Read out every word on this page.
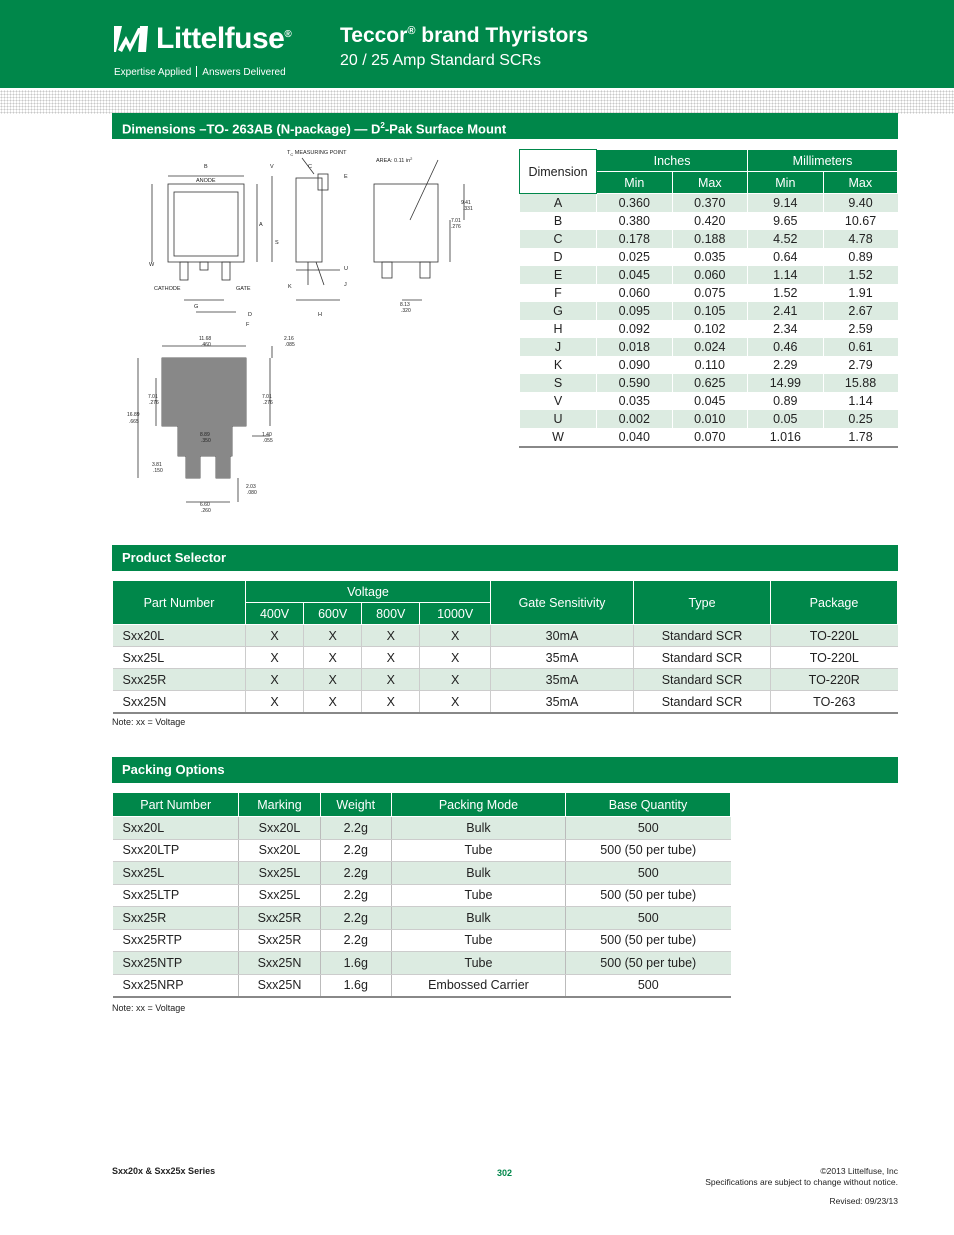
Littelfuse®
Expertise Applied Answers Delivered
Teccor® brand Thyristors
20 / 25 Amp Standard SCRs
Dimensions –TO- 263AB (N-package) — $D^2$-Pak Surface Mount
$T_C$ MEASURING POINT
AREA: 0.11 $in^2$
ANODE
CATHODE	GATE
B	V
A
S
W
G
D
F
C
E
U
K	J
H
9.41
.331
7.01
.276
8.13
.320
11.68
.460
2.16
.085
7.01
.276
7.01
.276
16.89
.665
8.89
.350
1.40
.055
3.81
.150
2.03
.080
6.60
.260
Dimension	Inches		Millimeters	
	Min	Max	Min	Max
A	0.360	0.370	9.14	9.40
B	0.380	0.420	9.65	10.67
C	0.178	0.188	4.52	4.78
D	0.025	0.035	0.64	0.89
E	0.045	0.060	1.14	1.52
F	0.060	0.075	1.52	1.91
G	0.095	0.105	2.41	2.67
H	0.092	0.102	2.34	2.59
J	0.018	0.024	0.46	0.61
K	0.090	0.110	2.29	2.79
S	0.590	0.625	14.99	15.88
V	0.035	0.045	0.89	1.14
U	0.002	0.010	0.05	0.25
W	0.040	0.070	1.016	1.78
Product Selector
Part Number	Voltage				Gate Sensitivity	Type	Package
	400V	600V	800V	1000V			
Sxx20L	X	X	X	X	30mA	Standard SCR	TO-220L
Sxx25L	X	X	X	X	35mA	Standard SCR	TO-220L
Sxx25R	X	X	X	X	35mA	Standard SCR	TO-220R
Sxx25N	X	X	X	X	35mA	Standard SCR	TO-263
Note: xx = Voltage
Packing Options
Part Number	Marking	Weight	Packing Mode	Base Quantity
Sxx20L	Sxx20L	2.2g	Bulk	500
Sxx20LTP	Sxx20L	2.2g	Tube	500 (50 per tube)
Sxx25L	Sxx25L	2.2g	Bulk	500
Sxx25LTP	Sxx25L	2.2g	Tube	500 (50 per tube)
Sxx25R	Sxx25R	2.2g	Bulk	500
Sxx25RTP	Sxx25R	2.2g	Tube	500 (50 per tube)
Sxx25NTP	Sxx25N	1.6g	Tube	500 (50 per tube)
Sxx25NRP	Sxx25N	1.6g	Embossed Carrier	500
Note: xx = Voltage
Sxx20x & Sxx25x Series	302	©2013 Littelfuse, Inc
Specifications are subject to change without notice.
Revised: 09/23/13
